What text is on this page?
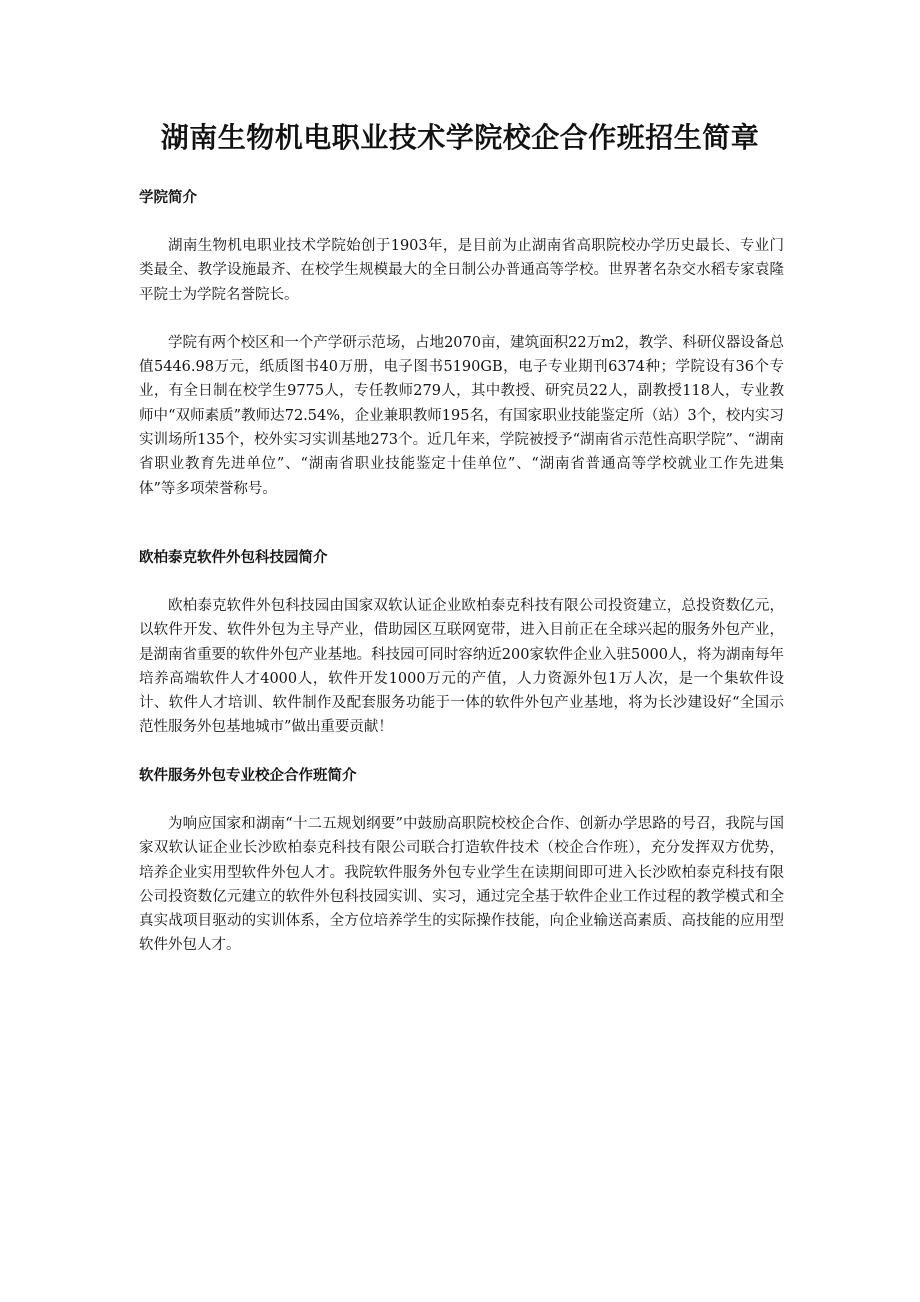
湖南生物机电职业技术学院校企合作班招生简章

学院简介

湖南生物机电职业技术学院始创于1903年，是目前为止湖南省高职院校办学历史最长、专业门类最全、教学设施最齐、在校学生规模最大的全日制公办普通高等学校。世界著名杂交水稻专家袁隆平院士为学院名誉院长。

学院有两个校区和一个产学研示范场，占地2070亩，建筑面积22万m2，教学、科研仪器设备总值5446.98万元，纸质图书40万册，电子图书5190GB，电子专业期刊6374种；学院设有36个专业，有全日制在校学生9775人，专任教师279人，其中教授、研究员22人，副教授118人，专业教师中“双师素质”教师达72.54%，企业兼职教师195名，有国家职业技能鉴定所（站）3个，校内实习实训场所135个，校外实习实训基地273个。近几年来，学院被授予“湖南省示范性高职学院”、“湖南省职业教育先进单位”、“湖南省职业技能鉴定十佳单位”、“湖南省普通高等学校就业工作先进集体”等多项荣誉称号。

欧柏泰克软件外包科技园简介

欧柏泰克软件外包科技园由国家双软认证企业欧柏泰克科技有限公司投资建立，总投资数亿元，以软件开发、软件外包为主导产业，借助园区互联网宽带，进入目前正在全球兴起的服务外包产业，是湖南省重要的软件外包产业基地。科技园可同时容纳近200家软件企业入驻5000人，将为湖南每年培养高端软件人才4000人，软件开发1000万元的产值，人力资源外包1万人次，是一个集软件设计、软件人才培训、软件制作及配套服务功能于一体的软件外包产业基地，将为长沙建设好“全国示范性服务外包基地城市”做出重要贡献！

软件服务外包专业校企合作班简介

为响应国家和湖南“十二五规划纲要”中鼓励高职院校校企合作、创新办学思路的号召，我院与国家双软认证企业长沙欧柏泰克科技有限公司联合打造软件技术（校企合作班），充分发挥双方优势，培养企业实用型软件外包人才。我院软件服务外包专业学生在读期间即可进入长沙欧柏泰克科技有限公司投资数亿元建立的软件外包科技园实训、实习，通过完全基于软件企业工作过程的教学模式和全真实战项目驱动的实训体系，全方位培养学生的实际操作技能，向企业输送高素质、高技能的应用型软件外包人才。
